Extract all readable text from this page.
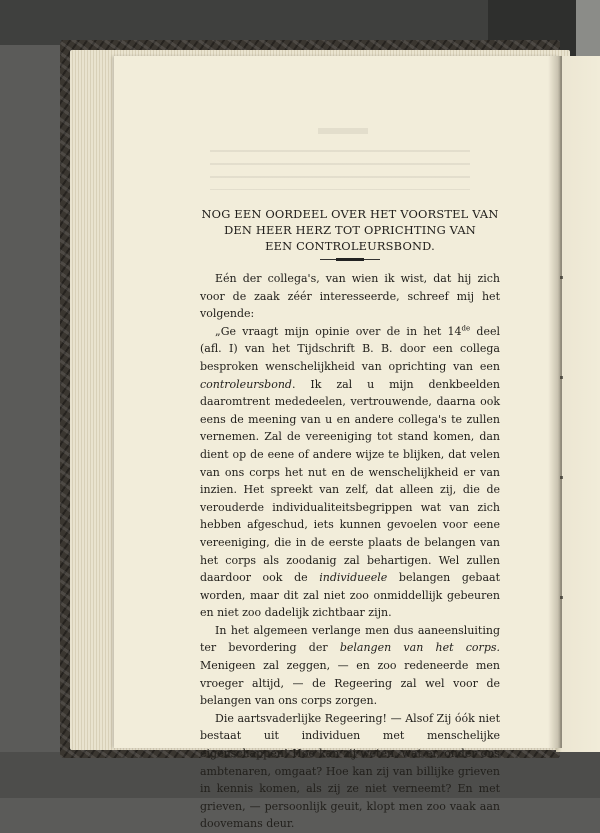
NOG EEN OORDEEL OVER HET VOORSTEL VAN
DEN HEER HERZ TOT OPRICHTING VAN
EEN CONTROLEURSBOND.

Eén der collega's, van wien ik wist, dat hij zich voor de zaak zéér interesseerde, schreef mij het volgende:

„Ge vraagt mijn opinie over de in het 14de deel (afl. I) van het Tijdschrift B. B. door een collega besproken wenschelijkheid van oprichting van een controleursbond. Ik zal u mijn denkbeelden daaromtrent mededeelen, vertrouwende, daarna ook eens de meening van u en andere collega's te zullen vernemen. Zal de vereeniging tot stand komen, dan dient op de eene of andere wijze te blijken, dat velen van ons corps het nut en de wenschelijkheid er van inzien. Het spreekt van zelf, dat alleen zij, die de verouderde individualiteitsbegrippen wat van zich hebben afgeschud, iets kunnen gevoelen voor eene vereeniging, die in de eerste plaats de belangen van het corps als zoodanig zal behartigen. Wel zullen daardoor ook de individueele belangen gebaat worden, maar dit zal niet zoo onmiddellijk gebeuren en niet zoo dadelijk zichtbaar zijn.

In het algemeen verlange men dus aaneensluiting ter bevordering der belangen van het corps. Menigeen zal zeggen, — en zoo redeneerde men vroeger altijd, — de Regeering zal wel voor de belangen van ons corps zorgen.

Die aartsvaderlijke Regeering! — Alsof Zij óók niet bestaat uit individuen met menschelijke eigenschappen! Hoe kan zij weten, wat er, onder ons ambtenaren, omgaat? Hoe kan zij van billijke grieven in kennis komen, als zij ze niet verneemt? En met grieven, — persoonlijk geuit, klopt men zoo vaak aan doovemans deur.
